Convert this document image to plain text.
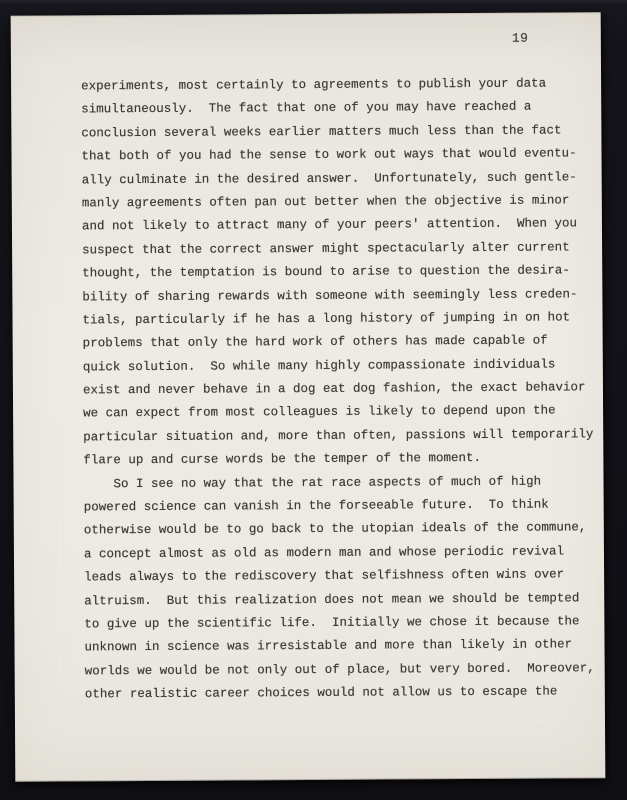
19
experiments, most certainly to agreements to publish your data
simultaneously.  The fact that one of you may have reached a
conclusion several weeks earlier matters much less than the fact
that both of you had the sense to work out ways that would eventu-
ally culminate in the desired answer.  Unfortunately, such gentle-
manly agreements often pan out better when the objective is minor
and not likely to attract many of your peers' attention.  When you
suspect that the correct answer might spectacularly alter current
thought, the temptation is bound to arise to question the desira-
bility of sharing rewards with someone with seemingly less creden-
tials, particularly if he has a long history of jumping in on hot
problems that only the hard work of others has made capable of
quick solution.  So while many highly compassionate individuals
exist and never behave in a dog eat dog fashion, the exact behavior
we can expect from most colleagues is likely to depend upon the
particular situation and, more than often, passions will temporarily
flare up and curse words be the temper of the moment.
So I see no way that the rat race aspects of much of high
powered science can vanish in the forseeable future.  To think
otherwise would be to go back to the utopian ideals of the commune,
a concept almost as old as modern man and whose periodic revival
leads always to the rediscovery that selfishness often wins over
altruism.  But this realization does not mean we should be tempted
to give up the scientific life.  Initially we chose it because the
unknown in science was irresistable and more than likely in other
worlds we would be not only out of place, but very bored.  Moreover,
other realistic career choices would not allow us to escape the
